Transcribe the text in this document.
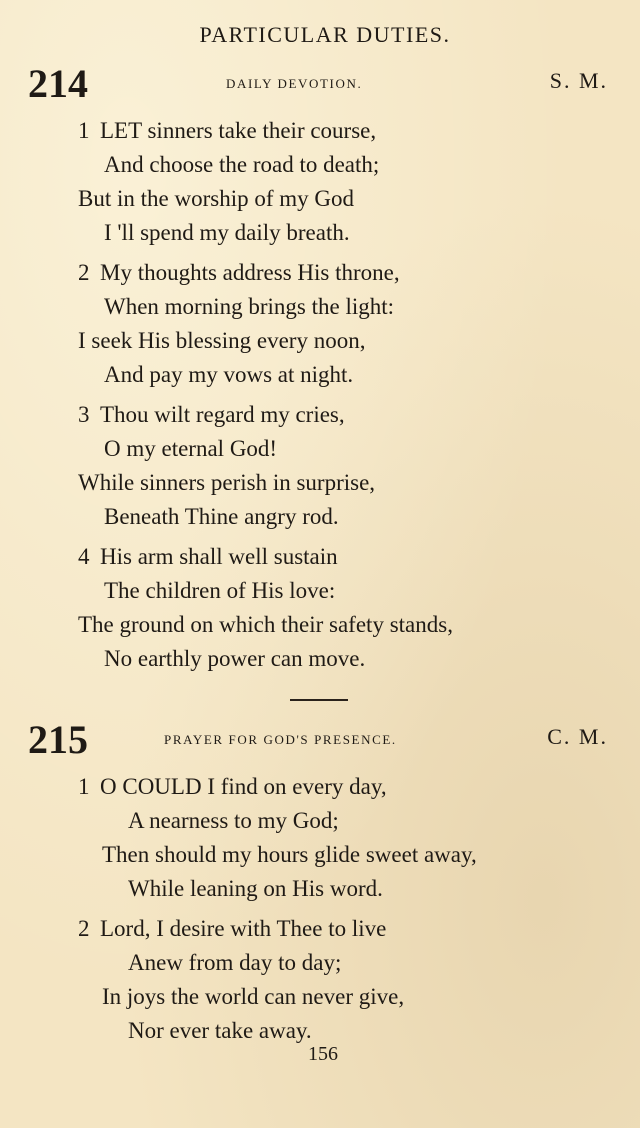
PARTICULAR DUTIES.
214	DAILY DEVOTION.	S. M.
1 LET sinners take their course,
And choose the road to death;
But in the worship of my God
I 'll spend my daily breath.
2 My thoughts address His throne,
When morning brings the light:
I seek His blessing every noon,
And pay my vows at night.
3 Thou wilt regard my cries,
O my eternal God!
While sinners perish in surprise,
Beneath Thine angry rod.
4 His arm shall well sustain
The children of His love:
The ground on which their safety stands,
No earthly power can move.
215	PRAYER FOR GOD'S PRESENCE.	C. M.
1 O COULD I find on every day,
A nearness to my God;
Then should my hours glide sweet away,
While leaning on His word.
2 Lord, I desire with Thee to live
Anew from day to day;
In joys the world can never give,
Nor ever take away.
156
